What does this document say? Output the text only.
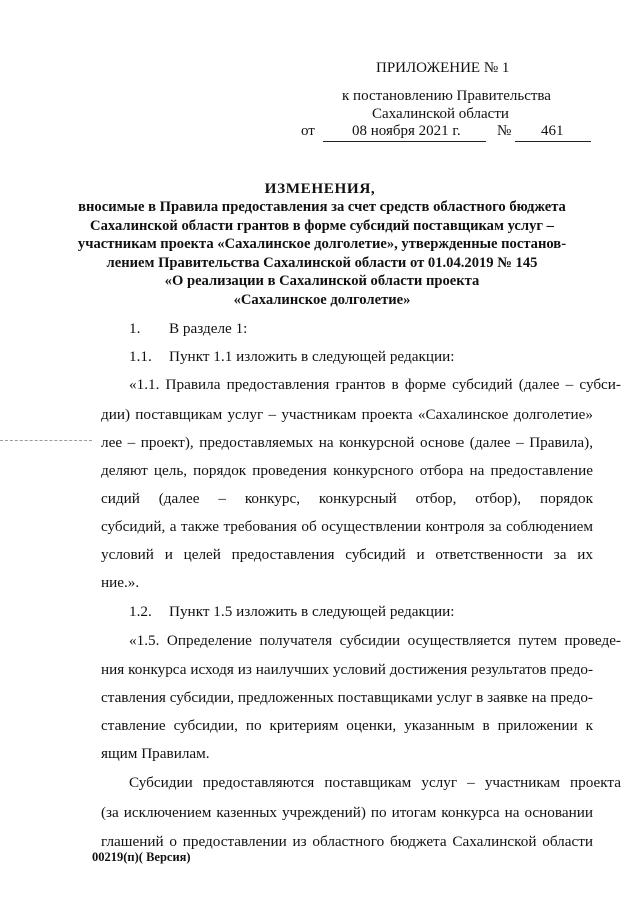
ПРИЛОЖЕНИЕ № 1
к постановлению Правительства
Сахалинской области
от 08 ноября 2021 г. № 461
ИЗМЕНЕНИЯ,
вносимые в Правила предоставления за счет средств областного бюджета
Сахалинской области грантов в форме субсидий поставщикам услуг –
участникам проекта «Сахалинское долголетие», утвержденные постанов-
лением Правительства Сахалинской области от 01.04.2019 № 145
«О реализации в Сахалинской области проекта
«Сахалинское долголетие»
1. В разделе 1:
1.1. Пункт 1.1 изложить в следующей редакции:
«1.1. Правила предоставления грантов в форме субсидий (далее – субси-
дии) поставщикам услуг – участникам проекта «Сахалинское долголетие»
лее – проект), предоставляемых на конкурсной основе (далее – Правила),
деляют цель, порядок проведения конкурсного отбора на предоставление
сидий (далее – конкурс, конкурсный отбор, отбор), порядок
субсидий, а также требования об осуществлении контроля за соблюдением
условий и целей предоставления субсидий и ответственности за их
ние.».
1.2. Пункт 1.5 изложить в следующей редакции:
«1.5. Определение получателя субсидии осуществляется путем проведе-
ния конкурса исходя из наилучших условий достижения результатов предо-
ставления субсидии, предложенных поставщиками услуг в заявке на предо-
ставление субсидии, по критериям оценки, указанным в приложении к
ящим Правилам.
Субсидии предоставляются поставщикам услуг – участникам проекта
(за исключением казенных учреждений) по итогам конкурса на основании
глашений о предоставлении из областного бюджета Сахалинской области
00219(п)( Версия)
